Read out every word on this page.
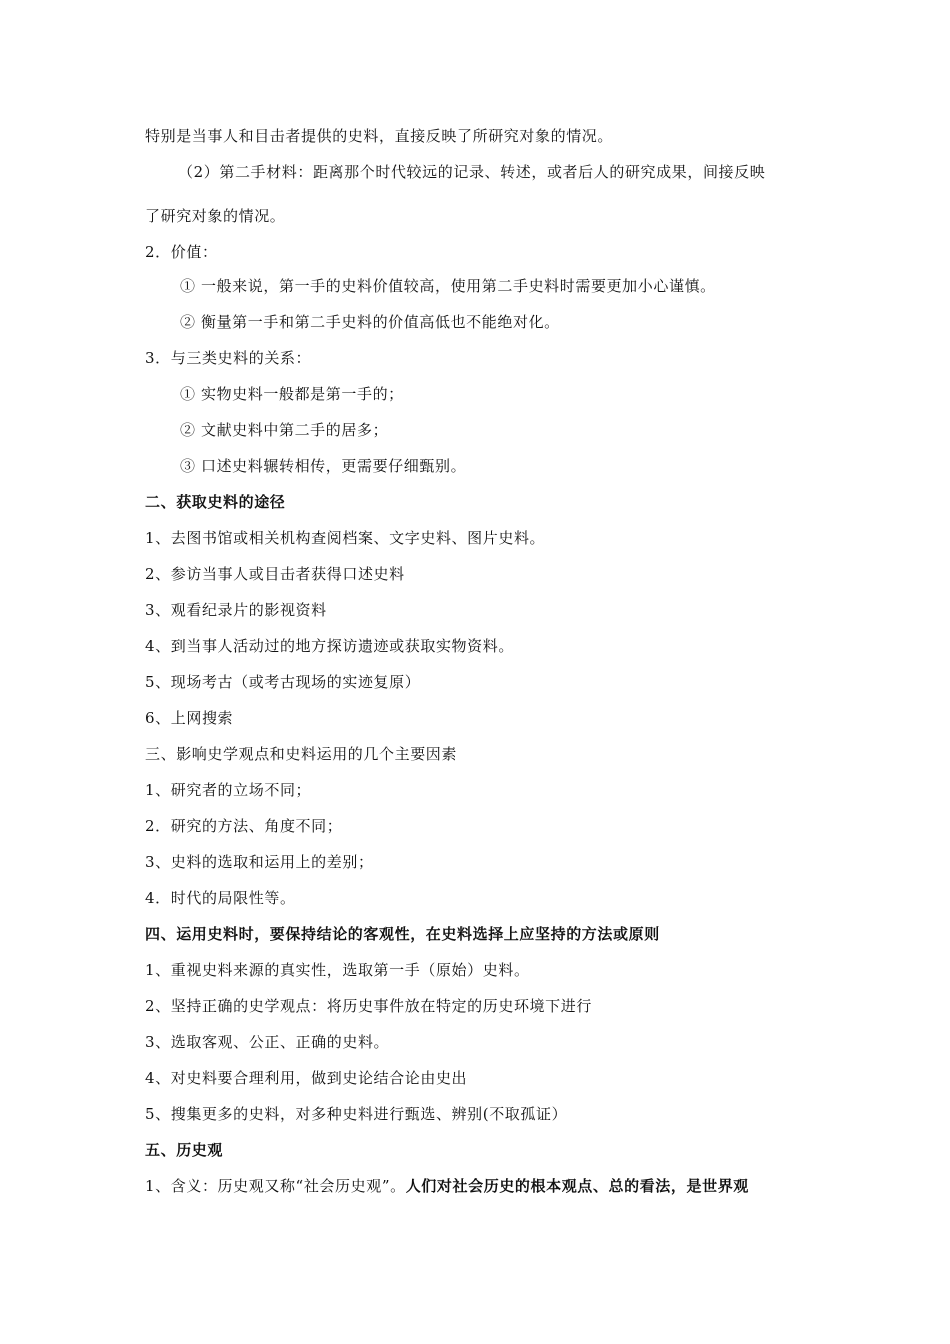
特别是当事人和目击者提供的史料，直接反映了所研究对象的情况。
（2）第二手材料：距离那个时代较远的记录、转述，或者后人的研究成果，间接反映
了研究对象的情况。
2．价值：
① 一般来说，第一手的史料价值较高，使用第二手史料时需要更加小心谨慎。
② 衡量第一手和第二手史料的价值高低也不能绝对化。
3．与三类史料的关系：
① 实物史料一般都是第一手的；
② 文献史料中第二手的居多；
③ 口述史料辗转相传，更需要仔细甄别。
二、获取史料的途径
1、去图书馆或相关机构查阅档案、文字史料、图片史料。
2、参访当事人或目击者获得口述史料
3、观看纪录片的影视资料
4、到当事人活动过的地方探访遗迹或获取实物资料。
5、现场考古（或考古现场的实迹复原）
6、上网搜索
三、影响史学观点和史料运用的几个主要因素
1、研究者的立场不同；
2．研究的方法、角度不同；
3、史料的选取和运用上的差别；
4．时代的局限性等。
四、运用史料时，要保持结论的客观性，在史料选择上应坚持的方法或原则
1、重视史料来源的真实性，选取第一手（原始）史料。
2、坚持正确的史学观点：将历史事件放在特定的历史环境下进行
3、选取客观、公正、正确的史料。
4、对史料要合理利用，做到史论结合论由史出
5、搜集更多的史料，对多种史料进行甄选、辨别(不取孤证）
五、历史观
1、含义：历史观又称“社会历史观”。人们对社会历史的根本观点、总的看法，是世界观
